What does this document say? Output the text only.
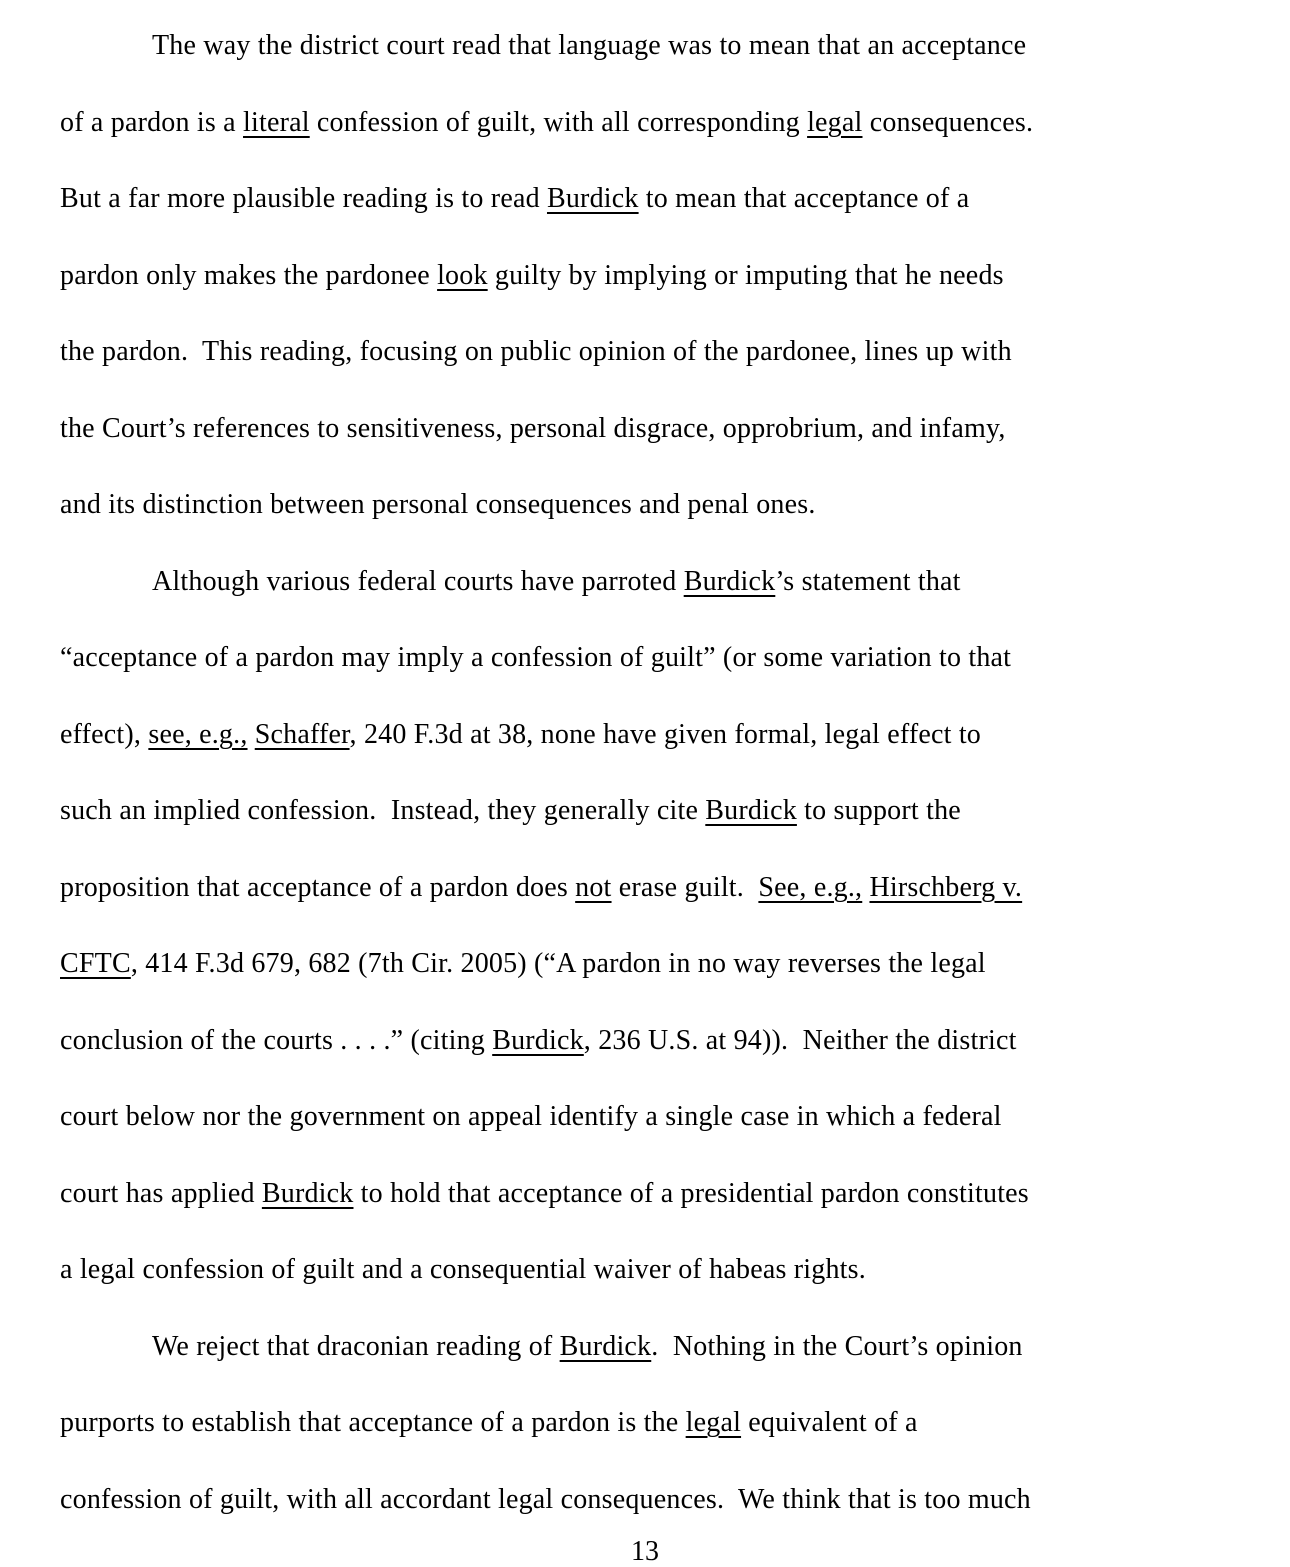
The way the district court read that language was to mean that an acceptance
of a pardon is a literal confession of guilt, with all corresponding legal consequences.
But a far more plausible reading is to read Burdick to mean that acceptance of a
pardon only makes the pardonee look guilty by implying or imputing that he needs
the pardon.  This reading, focusing on public opinion of the pardonee, lines up with
the Court’s references to sensitiveness, personal disgrace, opprobrium, and infamy,
and its distinction between personal consequences and penal ones.
Although various federal courts have parroted Burdick’s statement that
“acceptance of a pardon may imply a confession of guilt” (or some variation to that
effect), see, e.g., Schaffer, 240 F.3d at 38, none have given formal, legal effect to
such an implied confession.  Instead, they generally cite Burdick to support the
proposition that acceptance of a pardon does not erase guilt.  See, e.g., Hirschberg v.
CFTC, 414 F.3d 679, 682 (7th Cir. 2005) (“A pardon in no way reverses the legal
conclusion of the courts . . . .” (citing Burdick, 236 U.S. at 94)).  Neither the district
court below nor the government on appeal identify a single case in which a federal
court has applied Burdick to hold that acceptance of a presidential pardon constitutes
a legal confession of guilt and a consequential waiver of habeas rights.
We reject that draconian reading of Burdick.  Nothing in the Court’s opinion
purports to establish that acceptance of a pardon is the legal equivalent of a
confession of guilt, with all accordant legal consequences.  We think that is too much
13
